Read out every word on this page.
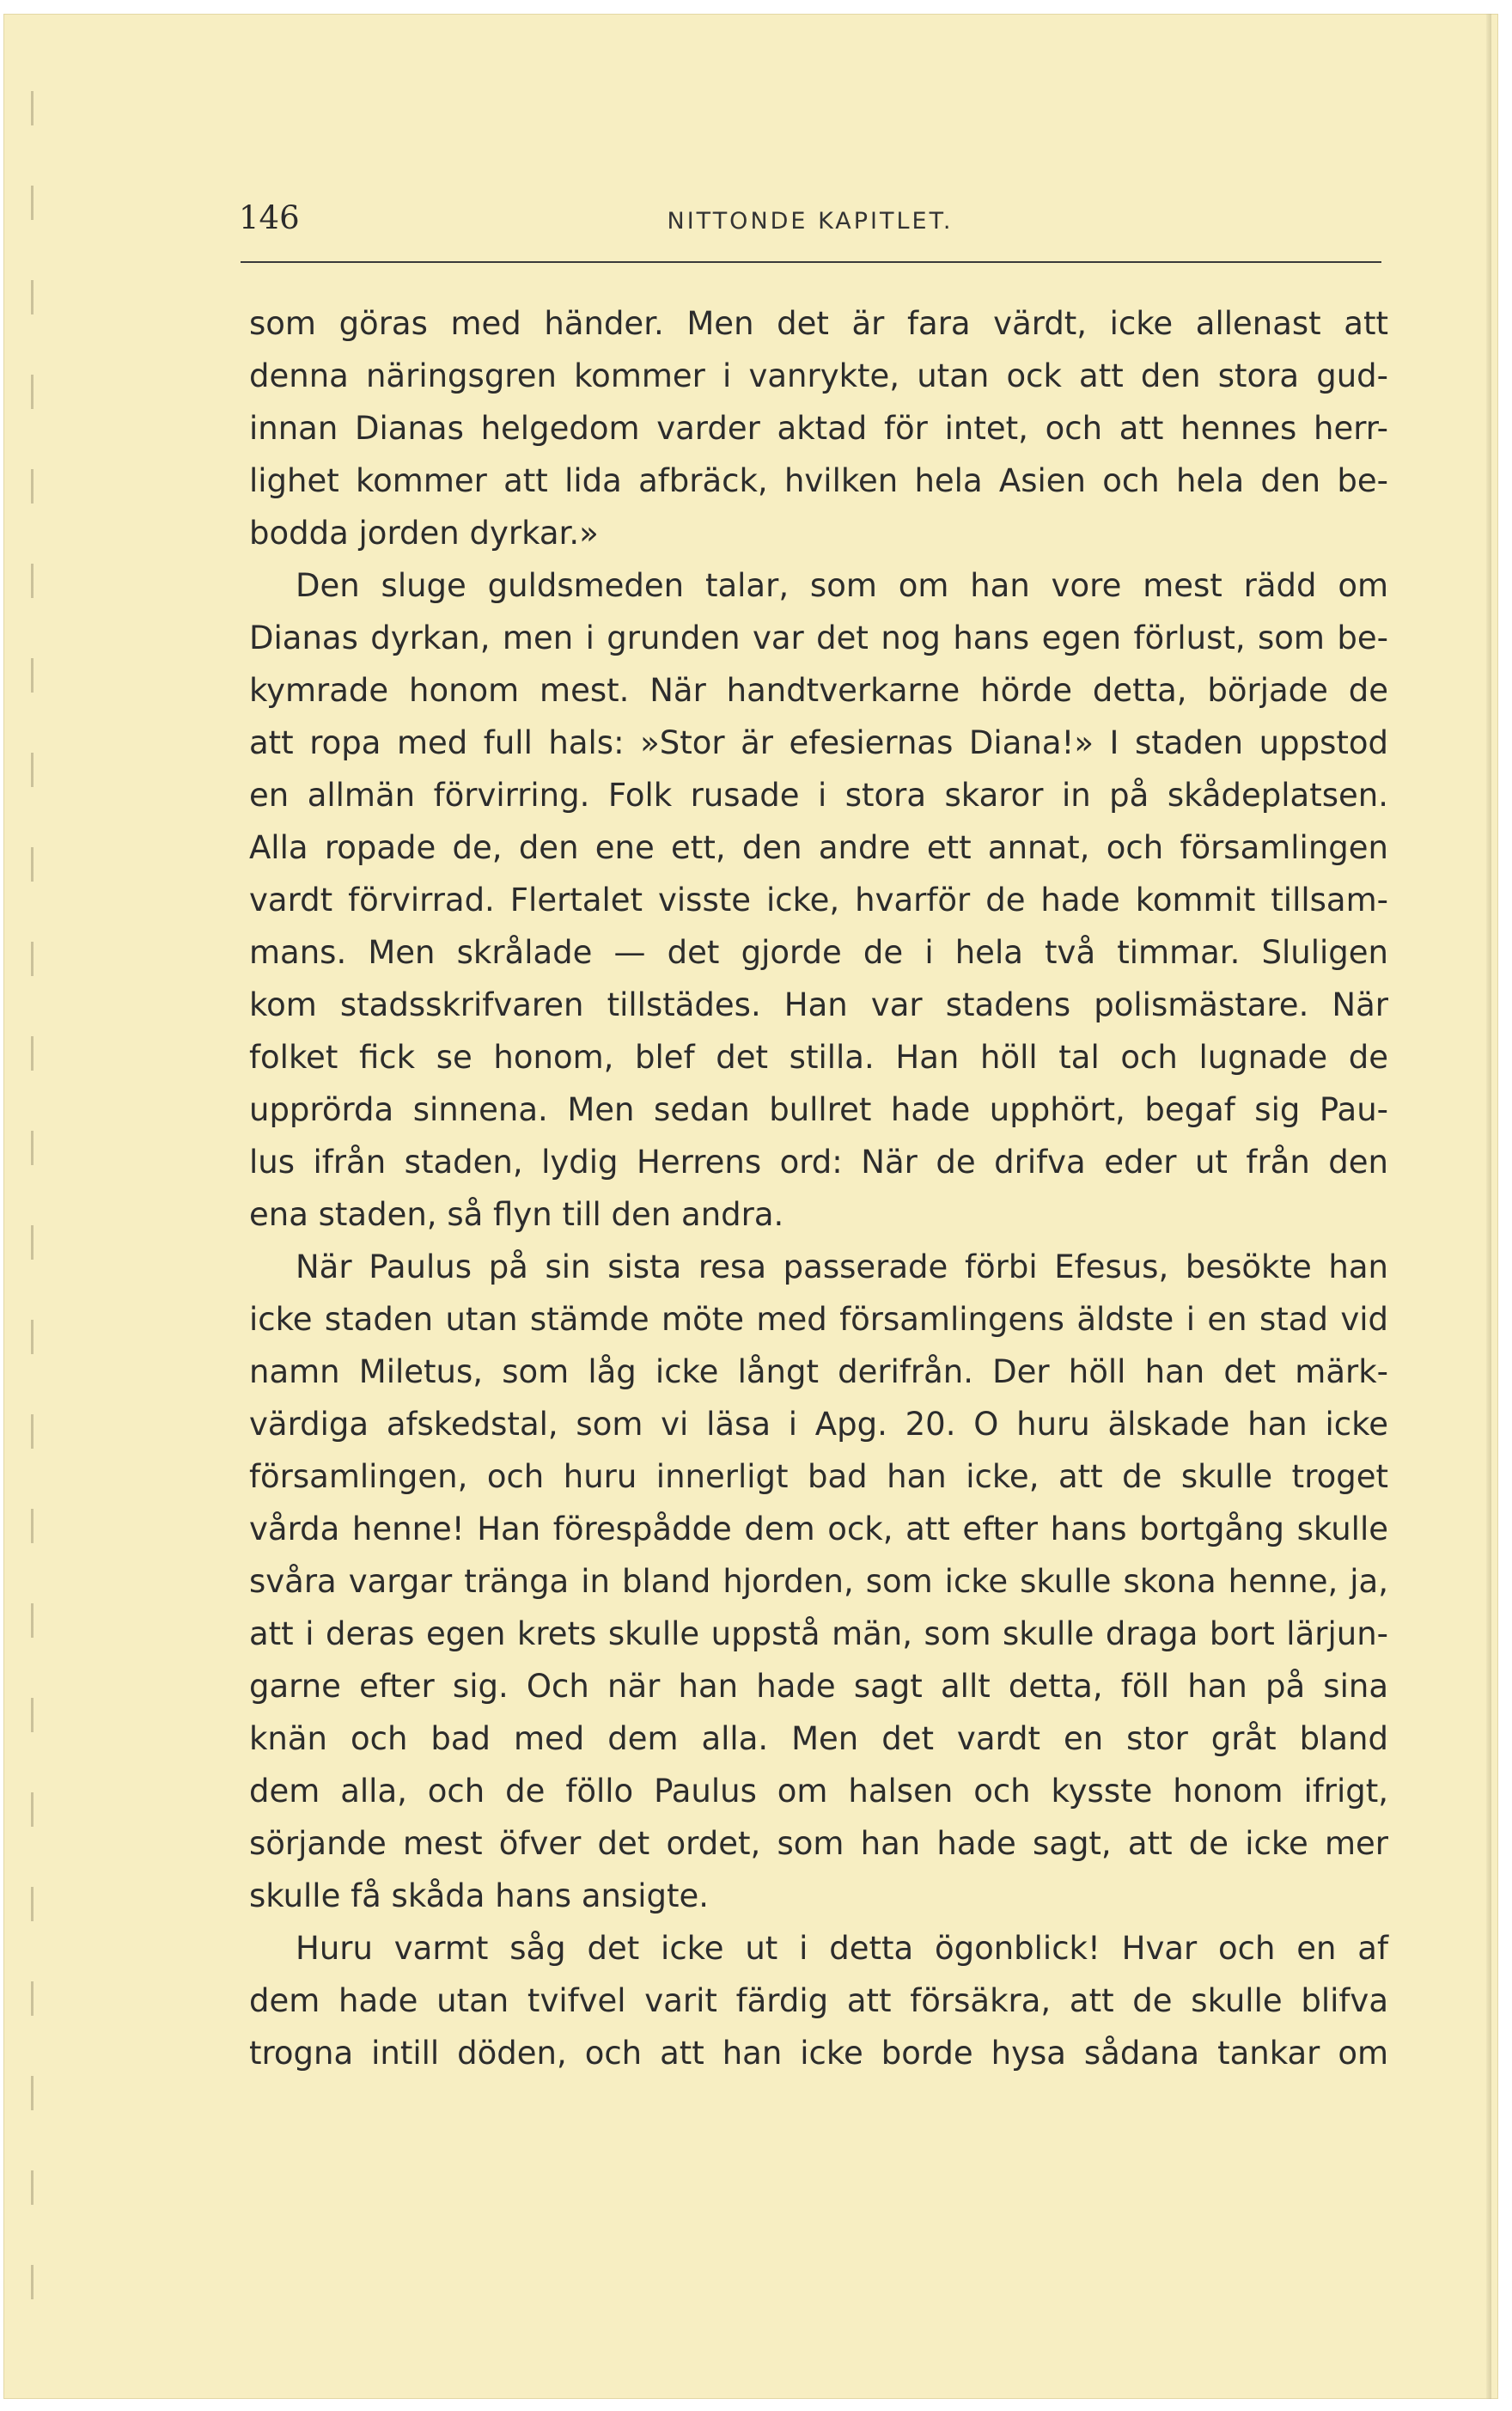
146	NITTONDE KAPITLET.
som göras med händer. Men det är fara värdt, icke allenast att
denna näringsgren kommer i vanrykte, utan ock att den stora gud-
innan Dianas helgedom varder aktad för intet, och att hennes herr-
lighet kommer att lida afbräck, hvilken hela Asien och hela den be-
bodda jorden dyrkar.»
Den sluge guldsmeden talar, som om han vore mest rädd om
Dianas dyrkan, men i grunden var det nog hans egen förlust, som be-
kymrade honom mest. När handtverkarne hörde detta, började de
att ropa med full hals: »Stor är efesiernas Diana!» I staden uppstod
en allmän förvirring. Folk rusade i stora skaror in på skådeplatsen.
Alla ropade de, den ene ett, den andre ett annat, och församlingen
vardt förvirrad. Flertalet visste icke, hvarför de hade kommit tillsam-
mans. Men skrålade — det gjorde de i hela två timmar. Sluligen
kom stadsskrifvaren tillstädes. Han var stadens polismästare. När
folket fick se honom, blef det stilla. Han höll tal och lugnade de
upprörda sinnena. Men sedan bullret hade upphört, begaf sig Pau-
lus ifrån staden, lydig Herrens ord: När de drifva eder ut från den
ena staden, så flyn till den andra.
När Paulus på sin sista resa passerade förbi Efesus, besökte han
icke staden utan stämde möte med församlingens äldste i en stad vid
namn Miletus, som låg icke långt derifrån. Der höll han det märk-
värdiga afskedstal, som vi läsa i Apg. 20. O huru älskade han icke
församlingen, och huru innerligt bad han icke, att de skulle troget
vårda henne! Han förespådde dem ock, att efter hans bortgång skulle
svåra vargar tränga in bland hjorden, som icke skulle skona henne, ja,
att i deras egen krets skulle uppstå män, som skulle draga bort lärjun-
garne efter sig. Och när han hade sagt allt detta, föll han på sina
knän och bad med dem alla. Men det vardt en stor gråt bland
dem alla, och de föllo Paulus om halsen och kysste honom ifrigt,
sörjande mest öfver det ordet, som han hade sagt, att de icke mer
skulle få skåda hans ansigte.
Huru varmt såg det icke ut i detta ögonblick! Hvar och en af
dem hade utan tvifvel varit färdig att försäkra, att de skulle blifva
trogna intill döden, och att han icke borde hysa sådana tankar om
